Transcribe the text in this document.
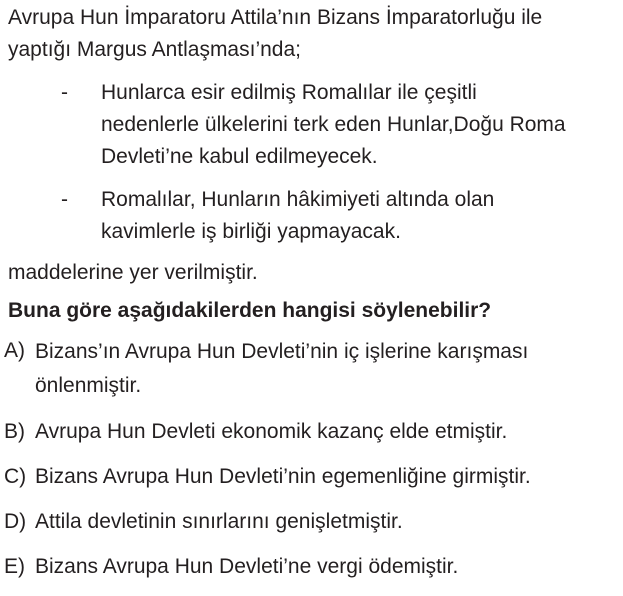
Avrupa Hun İmparatoru Attila’nın Bizans İmparatorluğu ile
yaptığı Margus Antlaşması’nda;

- Hunlarca esir edilmiş Romalılar ile çeşitli
nedenlerle ülkelerini terk eden Hunlar,Doğu Roma
Devleti’ne kabul edilmeyecek.
- Romalılar, Hunların hâkimiyeti altında olan
kavimlerle iş birliği yapmayacak.

maddelerine yer verilmiştir.

Buna göre aşağıdakilerden hangisi söylenebilir?

A) Bizans’ın Avrupa Hun Devleti’nin iç işlerine karışması
önlenmiştir.
B) Avrupa Hun Devleti ekonomik kazanç elde etmiştir.
C) Bizans Avrupa Hun Devleti’nin egemenliğine girmiştir.
D) Attila devletinin sınırlarını genişletmiştir.
E) Bizans Avrupa Hun Devleti’ne vergi ödemiştir.
